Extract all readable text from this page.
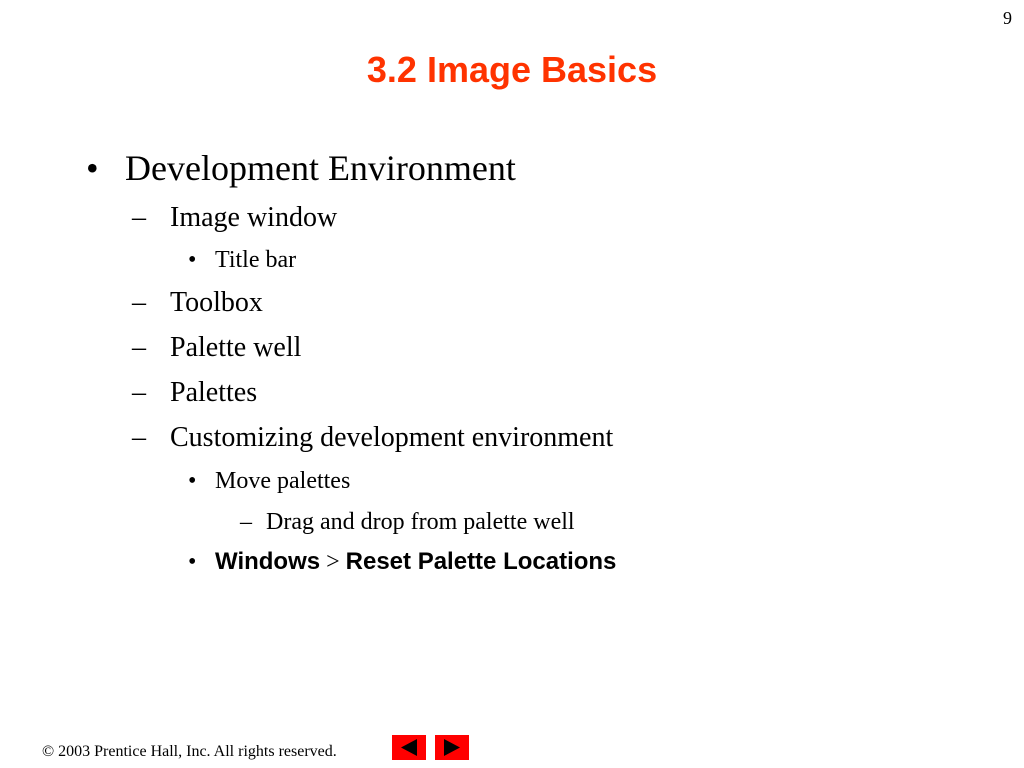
9
3.2 Image Basics
• Development Environment
– Image window
• Title bar
– Toolbox
– Palette well
– Palettes
– Customizing development environment
• Move palettes
– Drag and drop from palette well
• Windows > Reset Palette Locations
© 2003 Prentice Hall, Inc. All rights reserved.
